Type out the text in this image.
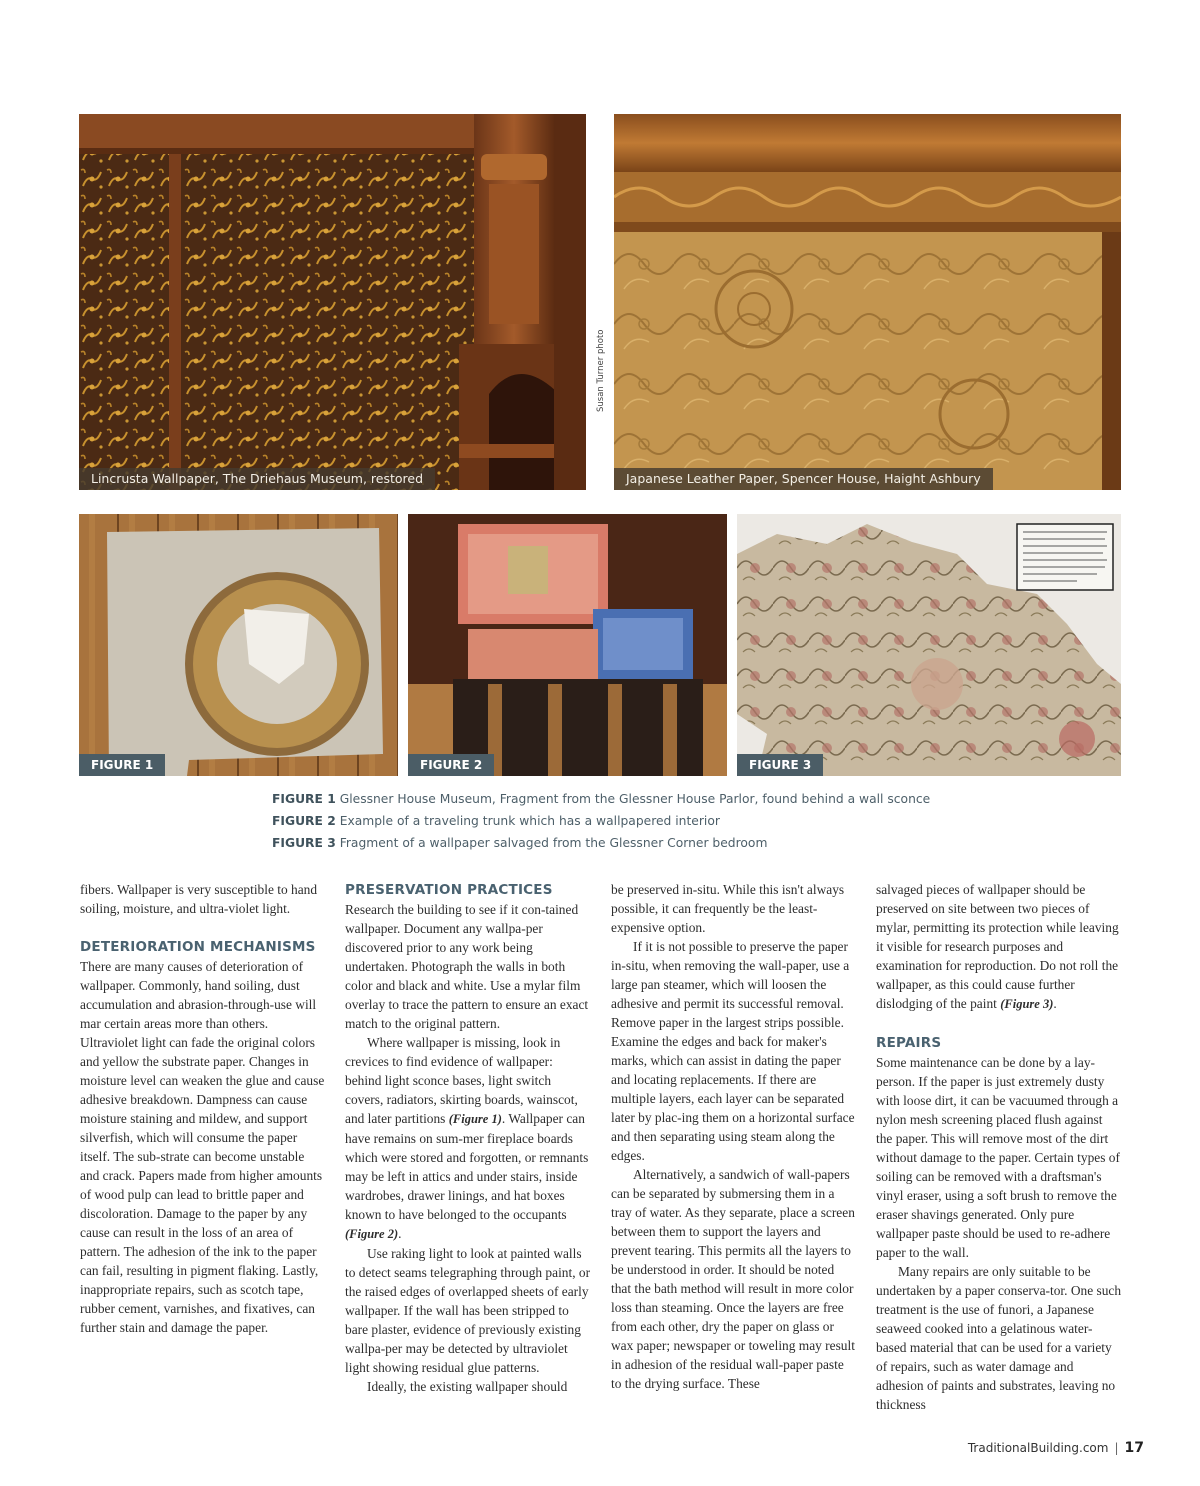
Lincrusta Wallpaper, The Driehaus Museum, restored
Susan Turner photo
Japanese Leather Paper, Spencer House, Haight Ashbury
FIGURE 1	FIGURE 2	FIGURE 3
FIGURE 1 Glessner House Museum, Fragment from the Glessner House Parlor, found behind a wall sconce
FIGURE 2 Example of a traveling trunk which has a wallpapered interior
FIGURE 3 Fragment of a wallpaper salvaged from the Glessner Corner bedroom

fibers. Wallpaper is very susceptible to hand soiling, moisture, and ultra-violet light.

DETERIORATION MECHANISMS

There are many causes of deterioration of wallpaper. Commonly, hand soiling, dust accumulation and abrasion-through-use will mar certain areas more than others. Ultraviolet light can fade the original colors and yellow the substrate paper. Changes in moisture level can weaken the glue and cause adhesive breakdown. Dampness can cause moisture staining and mildew, and support silverfish, which will consume the paper itself. The sub-strate can become unstable and crack. Papers made from higher amounts of wood pulp can lead to brittle paper and discoloration. Damage to the paper by any cause can result in the loss of an area of pattern. The adhesion of the ink to the paper can fail, resulting in pigment flaking. Lastly, inappropriate repairs, such as scotch tape, rubber cement, varnishes, and fixatives, can further stain and damage the paper.

PRESERVATION PRACTICES

Research the building to see if it con-tained wallpaper. Document any wallpa-per discovered prior to any work being undertaken. Photograph the walls in both color and black and white. Use a mylar film overlay to trace the pattern to ensure an exact match to the original pattern.

Where wallpaper is missing, look in crevices to find evidence of wallpaper: behind light sconce bases, light switch covers, radiators, skirting boards, wainscot, and later partitions (Figure 1). Wallpaper can have remains on sum-mer fireplace boards which were stored and forgotten, or remnants may be left in attics and under stairs, inside wardrobes, drawer linings, and hat boxes known to have belonged to the occupants (Figure 2).

Use raking light to look at painted walls to detect seams telegraphing through paint, or the raised edges of overlapped sheets of early wallpaper. If the wall has been stripped to bare plaster, evidence of previously existing wallpa-per may be detected by ultraviolet light showing residual glue patterns.

Ideally, the existing wallpaper should

be preserved in-situ. While this isn't always possible, it can frequently be the least-expensive option.

If it is not possible to preserve the paper in-situ, when removing the wall-paper, use a large pan steamer, which will loosen the adhesive and permit its successful removal. Remove paper in the largest strips possible. Examine the edges and back for maker's marks, which can assist in dating the paper and locating replacements. If there are multiple layers, each layer can be separated later by plac-ing them on a horizontal surface and then separating using steam along the edges.

Alternatively, a sandwich of wall-papers can be separated by submersing them in a tray of water. As they separate, place a screen between them to support the layers and prevent tearing. This permits all the layers to be understood in order. It should be noted that the bath method will result in more color loss than steaming. Once the layers are free from each other, dry the paper on glass or wax paper; newspaper or toweling may result in adhesion of the residual wall-paper paste to the drying surface. These

salvaged pieces of wallpaper should be preserved on site between two pieces of mylar, permitting its protection while leaving it visible for research purposes and examination for reproduction. Do not roll the wallpaper, as this could cause further dislodging of the paint (Figure 3).

REPAIRS

Some maintenance can be done by a lay-person. If the paper is just extremely dusty with loose dirt, it can be vacuumed through a nylon mesh screening placed flush against the paper. This will remove most of the dirt without damage to the paper. Certain types of soiling can be removed with a draftsman's vinyl eraser, using a soft brush to remove the eraser shavings generated. Only pure wallpaper paste should be used to re-adhere paper to the wall.

Many repairs are only suitable to be undertaken by a paper conserva-tor. One such treatment is the use of funori, a Japanese seaweed cooked into a gelatinous water-based material that can be used for a variety of repairs, such as water damage and adhesion of paints and substrates, leaving no thickness

TraditionalBuilding.com | 17
